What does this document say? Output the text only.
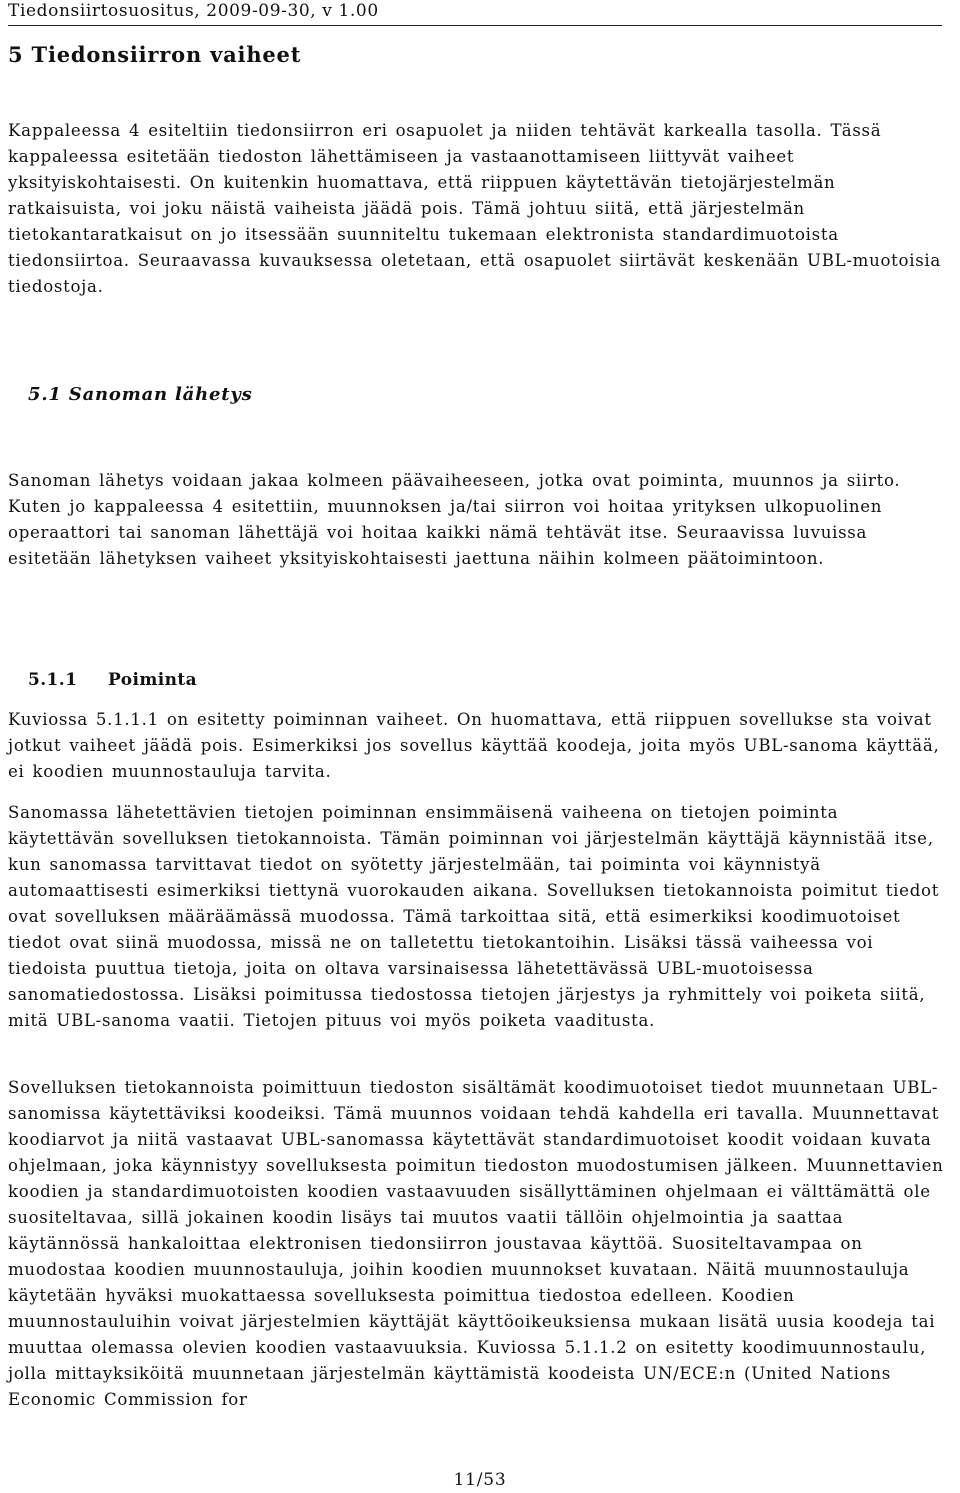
Tiedonsiirtosuositus, 2009-09-30, v 1.00
5 Tiedonsiirron vaiheet

Kappaleessa 4 esiteltiin tiedonsiirron eri osapuolet ja niiden tehtävät karkealla tasolla. Tässä kappaleessa esitetään tiedoston lähettämiseen ja vastaanottamiseen liittyvät vaiheet yksityiskohtaisesti. On kuitenkin huomattava, että riippuen käytettävän tietojärjestelmän ratkaisuista, voi joku näistä vaiheista jäädä pois. Tämä johtuu siitä, että järjestelmän tietokantaratkaisut on jo itsessään suunniteltu tukemaan elektronista standardimuotoista tiedonsiirtoa. Seuraavassa kuvauksessa oletetaan, että osapuolet siirtävät keskenään UBL-muotoisia tiedostoja.

5.1 Sanoman lähetys

Sanoman lähetys voidaan jakaa kolmeen päävaiheeseen, jotka ovat poiminta, muunnos ja siirto. Kuten jo kappaleessa 4 esitettiin, muunnoksen ja/tai siirron voi hoitaa yrityksen ulkopuolinen operaattori tai sanoman lähettäjä voi hoitaa kaikki nämä tehtävät itse. Seuraavissa luvuissa esitetään lähetyksen vaiheet yksityiskohtaisesti jaettuna näihin kolmeen päätoimintoon.

5.1.1 Poiminta

Kuviossa 5.1.1.1 on esitetty poiminnan vaiheet. On huomattava, että riippuen sovellukse sta voivat jotkut vaiheet jäädä pois. Esimerkiksi jos sovellus käyttää koodeja, joita myös UBL-sanoma käyttää, ei koodien muunnostauluja tarvita.

Sanomassa lähetettävien tietojen poiminnan ensimmäisenä vaiheena on tietojen poiminta käytettävän sovelluksen tietokannoista. Tämän poiminnan voi järjestelmän käyttäjä käynnistää itse, kun sanomassa tarvittavat tiedot on syötetty järjestelmään, tai poiminta voi käynnistyä automaattisesti esimerkiksi tiettynä vuorokauden aikana. Sovelluksen tietokannoista poimitut tiedot ovat sovelluksen määräämässä muodossa. Tämä tarkoittaa sitä, että esimerkiksi koodimuotoiset tiedot ovat siinä muodossa, missä ne on talletettu tietokantoihin. Lisäksi tässä vaiheessa voi tiedoista puuttua tietoja, joita on oltava varsinaisessa lähetettävässä UBL-muotoisessa sanomatiedostossa. Lisäksi poimitussa tiedostossa tietojen järjestys ja ryhmittely voi poiketa siitä, mitä UBL-sanoma vaatii. Tietojen pituus voi myös poiketa vaaditusta.

Sovelluksen tietokannoista poimittuun tiedoston sisältämät koodimuotoiset tiedot muunnetaan UBL-sanomissa käytettäviksi koodeiksi. Tämä muunnos voidaan tehdä kahdella eri tavalla. Muunnettavat koodiarvot ja niitä vastaavat UBL-sanomassa käytettävät standardimuotoiset koodit voidaan kuvata ohjelmaan, joka käynnistyy sovelluksesta poimitun tiedoston muodostumisen jälkeen. Muunnettavien koodien ja standardimuotoisten koodien vastaavuuden sisällyttäminen ohjelmaan ei välttämättä ole suositeltavaa, sillä jokainen koodin lisäys tai muutos vaatii tällöin ohjelmointia ja saattaa käytännössä hankaloittaa elektronisen tiedonsiirron joustavaa käyttöä. Suositeltavampaa on muodostaa koodien muunnostauluja, joihin koodien muunnokset kuvataan. Näitä muunnostauluja käytetään hyväksi muokattaessa sovelluksesta poimittua tiedostoa edelleen. Koodien muunnostauluihin voivat järjestelmien käyttäjät käyttöoikeuksiensa mukaan lisätä uusia koodeja tai muuttaa olemassa olevien koodien vastaavuuksia. Kuviossa 5.1.1.2 on esitetty koodimuunnostaulu, jolla mittayksiköitä muunnetaan järjestelmän käyttämistä koodeista UN/ECE:n (United Nations Economic Commission for

11/53
